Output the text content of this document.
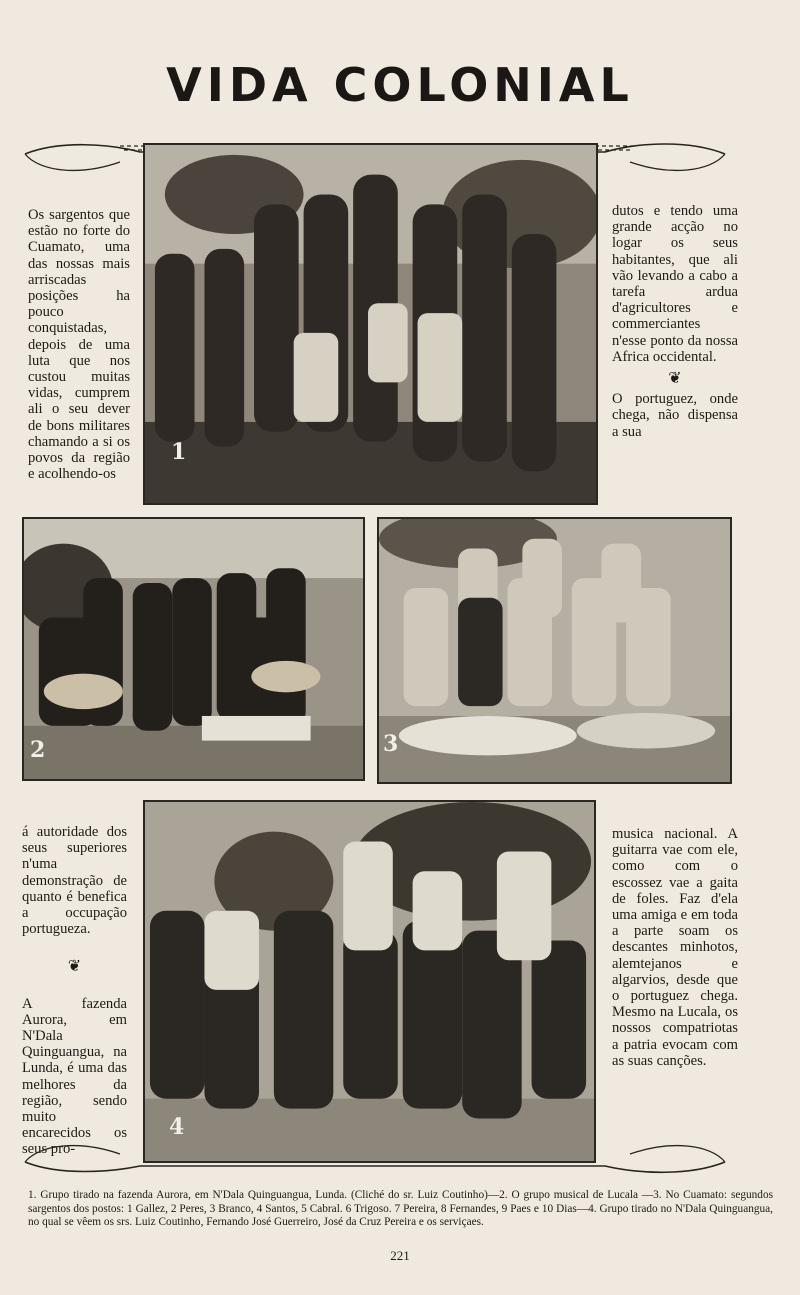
VIDA COLONIAL
1

Os sargentos que estão no forte do Cuamato, uma das nossas mais arriscadas posições ha pouco conquistadas, depois de uma luta que nos custou muitas vidas, cumprem ali o seu dever de bons militares chamando a si os povos da região e acolhendo-os

dutos e tendo uma grande acção no logar os seus habitantes, que ali vão levando a cabo a tarefa ardua d'agricultores e commerciantes n'esse ponto da nossa Africa occidental.

❦

O portuguez, onde chega, não dispensa a sua

2	3
4

á autoridade dos seus superiores n'uma demonstração de quanto é benefica a occupação portugueza.

❦

A fazenda Aurora, em N'Dala Quinguangua, na Lunda, é uma das melhores da região, sendo muito encarecidos os seus pro-

musica nacional. A guitarra vae com ele, como com o escossez vae a gaita de foles. Faz d'ela uma amiga e em toda a parte soam os descantes minhotos, alemtejanos e algarvios, desde que o portuguez chega. Mesmo na Lucala, os nossos compatriotas a patria evocam com as suas canções.

1. Grupo tirado na fazenda Aurora, em N'Dala Quinguangua, Lunda. (Cliché do sr. Luiz Coutinho)—2. O grupo musical de Lucala —3. No Cuamato: segundos sargentos dos postos: 1 Gallez, 2 Peres, 3 Branco, 4 Santos, 5 Cabral. 6 Trigoso. 7 Pereira, 8 Fernandes, 9 Paes e 10 Dias—4. Grupo tirado no N'Dala Quinguangua, no qual se vêem os srs. Luiz Coutinho, Fernando José Guerreiro, José da Cruz Pereira e os serviçaes.
221
